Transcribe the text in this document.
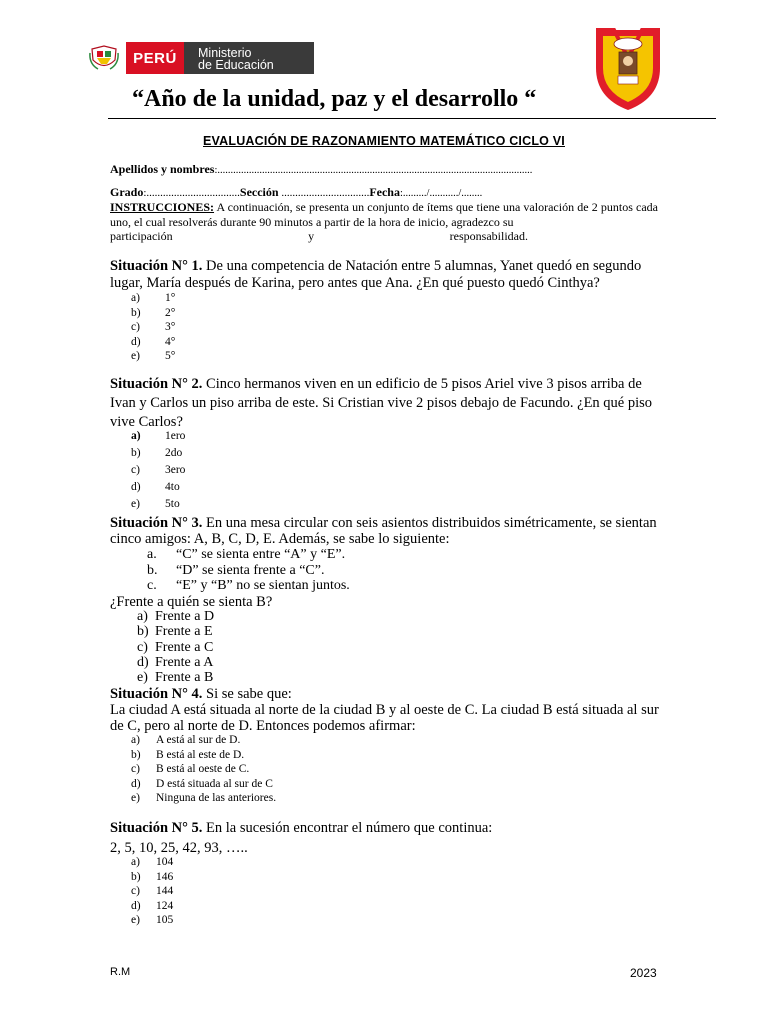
PERÚ	Ministerio
de Educación
“Año de la unidad, paz y el desarrollo “
EVALUACIÓN DE RAZONAMIENTO MATEMÁTICO CICLO VI
Apellidos y nombres:........................................................................................................................
Grado:..................................Sección ................................Fecha:........./.........../........
INSTRUCCIONES: A continuación, se presenta un conjunto de ítems que tiene una valoración de 2 puntos cada uno, el cual resolverás durante 90 minutos a partir de la hora de inicio, agradezco su
participación	y	responsabilidad.
Situación N° 1. De una competencia de Natación entre 5 alumnas, Yanet quedó en segundo
lugar, María después de Karina, pero antes que Ana. ¿En qué puesto quedó Cinthya?
a)	1°
b)	2°
c)	3°
d)	4°
e)	5°
Situación N° 2. Cinco hermanos viven en un edificio de 5 pisos Ariel vive 3 pisos arriba de
Ivan y Carlos un piso arriba de este. Si Cristian vive 2 pisos debajo de Facundo. ¿En qué piso
vive Carlos?
a)	1ero
b)	2do
c)	3ero
d)	4to
e)	5to
Situación N° 3. En una mesa circular con seis asientos distribuidos simétricamente, se sientan
cinco amigos: A, B, C, D, E. Además, se sabe lo siguiente:
a.	“C” se sienta entre “A” y “E”.
b.	“D” se sienta frente a “C”.
c.	“E” y “B” no se sientan juntos.
¿Frente a quién se sienta B?
a) Frente a D
b) Frente a E
c) Frente a C
d) Frente a A
e) Frente a B
Situación N° 4. Si se sabe que:
La ciudad A está situada al norte de la ciudad B y al oeste de C. La ciudad B está situada al sur
de C, pero al norte de D. Entonces podemos afirmar:
a)	A está al sur de D.
b)	B está al este de D.
c)	B está al oeste de C.
d)	D está situada al sur de C
e)	Ninguna de las anteriores.
Situación N° 5. En la sucesión encontrar el número que continua:
2, 5, 10, 25, 42, 93, …..
a)	104
b)	146
c)	144
d)	124
e)	105
R.M	2023
